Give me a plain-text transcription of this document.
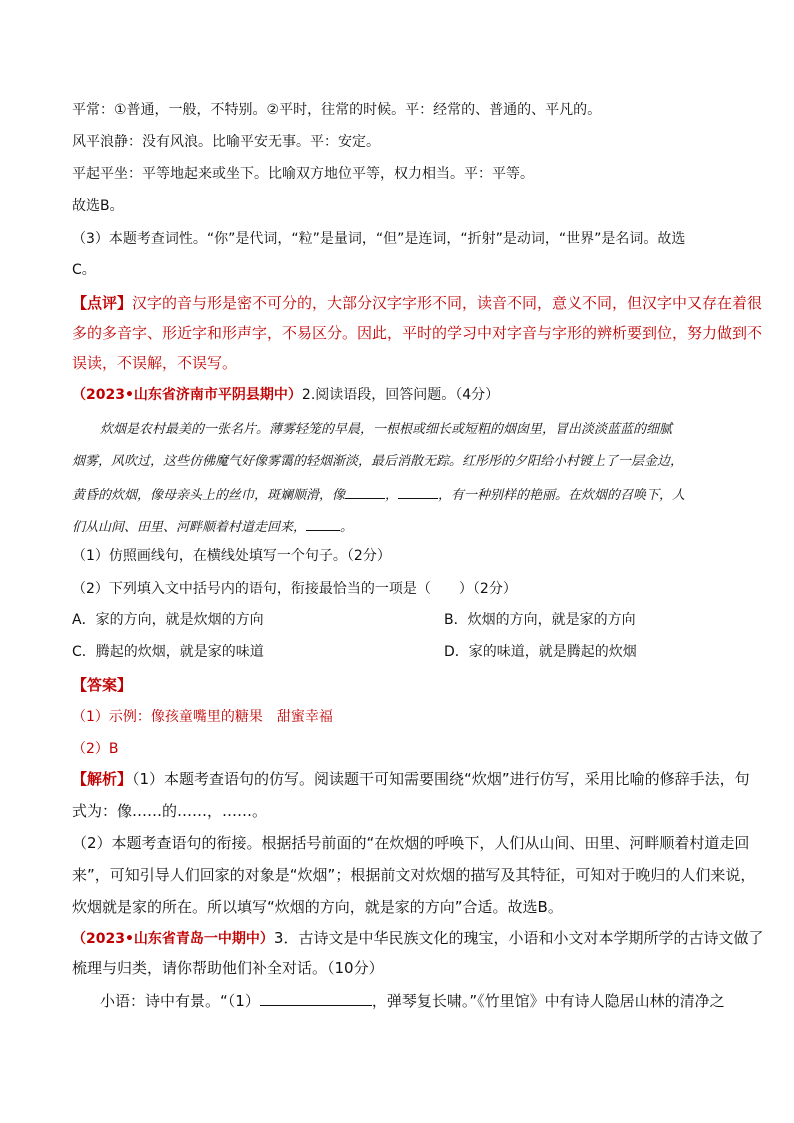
平常：①普通，一般，不特别。②平时，往常的时候。平：经常的、普通的、平凡的。
风平浪静：没有风浪。比喻平安无事。平：安定。
平起平坐：平等地起来或坐下。比喻双方地位平等，权力相当。平：平等。
故选B。
（3）本题考查词性。“你”是代词，“粒”是量词，“但”是连词，“折射”是动词，“世界”是名词。故选
C。
【点评】汉字的音与形是密不可分的，大部分汉字字形不同，读音不同，意义不同，但汉字中又存在着很
多的多音字、形近字和形声字，不易区分。因此，平时的学习中对字音与字形的辨析要到位，努力做到不
误读，不误解，不误写。
（2023•山东省济南市平阴县期中）2.阅读语段，回答问题。（4分）
炊烟是农村最美的一张名片。薄雾轻笼的早晨，一根根或细长或短粗的烟囱里，冒出淡淡蓝蓝的细腻
烟雾，风吹过，这些仿佛魔气好像雾霭的轻烟渐淡，最后消散无踪。红彤彤的夕阳给小村镀上了一层金边，
黄昏的炊烟，像母亲头上的丝巾，斑斓顺滑，像	，	，有一种别样的艳丽。在炊烟的召唤下，人
们从山间、田里、河畔顺着村道走回来，	。
（1）仿照画线句，在横线处填写一个句子。（2分）
（2）下列填入文中括号内的语句，衔接最恰当的一项是（　　）（2分）
A．家的方向，就是炊烟的方向	B．炊烟的方向，就是家的方向
C．腾起的炊烟，就是家的味道	D．家的味道，就是腾起的炊烟
【答案】
（1）示例：像孩童嘴里的糖果　甜蜜幸福
（2）B
【解析】（1）本题考查语句的仿写。阅读题干可知需要围绕“炊烟”进行仿写，采用比喻的修辞手法，句
式为：像……的……，……。
（2）本题考查语句的衔接。根据括号前面的“在炊烟的呼唤下，人们从山间、田里、河畔顺着村道走回
来”，可知引导人们回家的对象是“炊烟”；根据前文对炊烟的描写及其特征，可知对于晚归的人们来说，
炊烟就是家的所在。所以填写“炊烟的方向，就是家的方向”合适。故选B。
（2023•山东省青岛一中期中）3．古诗文是中华民族文化的瑰宝，小语和小文对本学期所学的古诗文做了
梳理与归类，请你帮助他们补全对话。（10分）
小语：诗中有景。“（1）	，弹琴复长啸。”《竹里馆》中有诗人隐居山林的清净之
